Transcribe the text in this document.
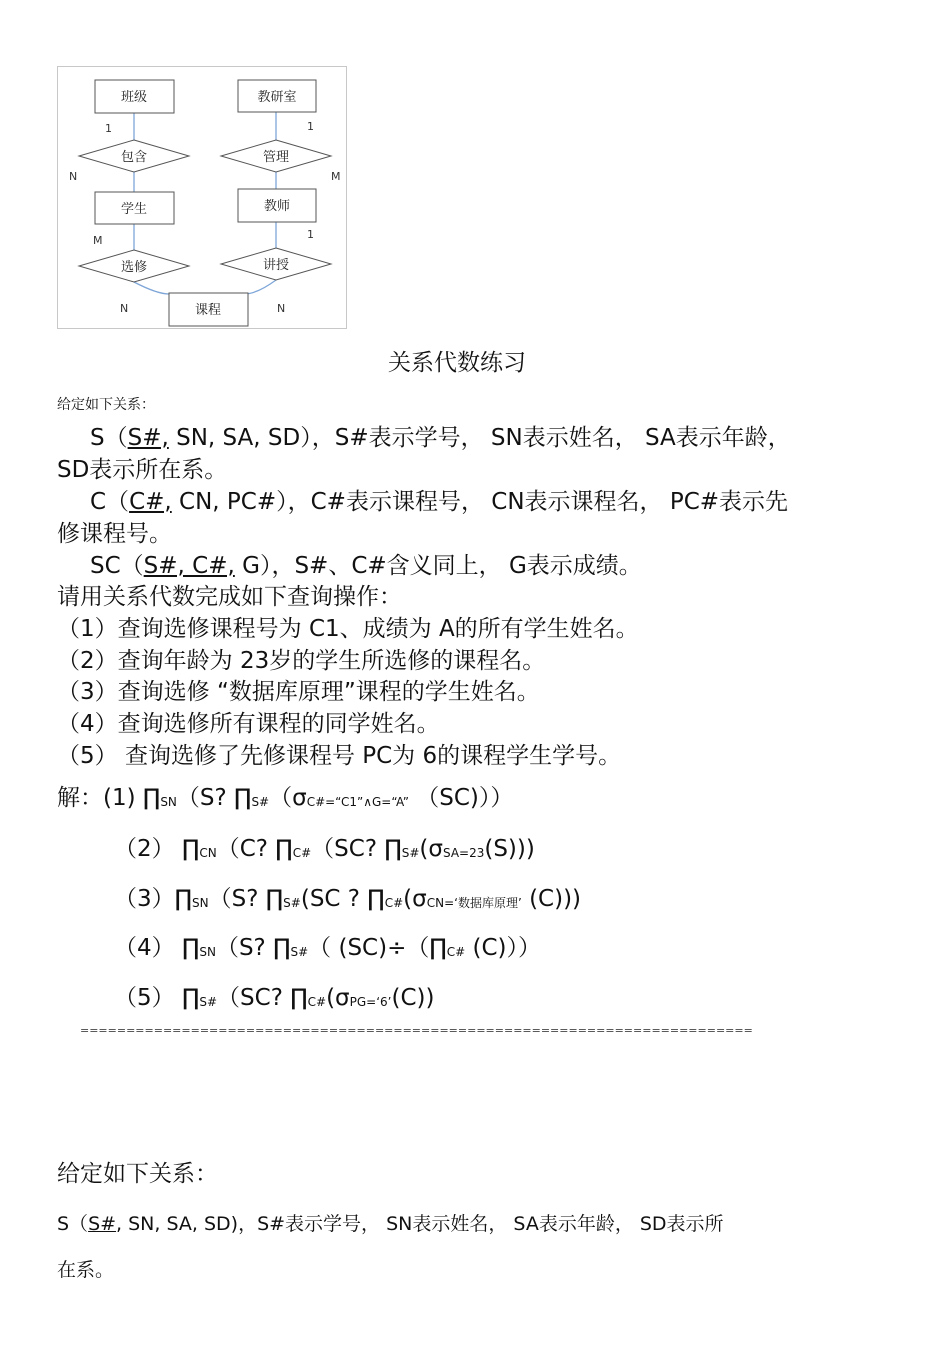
班级	教研室
学生	教师
课程
包含	管理
选修	讲授
1
N
1
M
M
N
1
N
关系代数练习
给定如下关系：
S（S#, SN, SA, SD），S#表示学号， SN表示姓名， SA表示年龄，
SD表示所在系。
C（C#, CN, PC#），C#表示课程号， CN表示课程名， PC#表示先
修课程号。
SC（S#, C#, G），S#、C#含义同上， G表示成绩。
请用关系代数完成如下查询操作：
（1）查询选修课程号为 C1、成绩为 A的所有学生姓名。
（2）查询年龄为 23岁的学生所选修的课程名。
（3）查询选修 “数据库原理”课程的学生姓名。
（4）查询选修所有课程的同学姓名。
（5） 查询选修了先修课程号 PC为 6的课程学生学号。
解：(1) ∏SN（S? ∏S#（σC#=“C1”∧G=“A” （SC)））
（2） ∏CN（C? ∏C#（SC? ∏S#(σSA=23(S)))
（3）∏SN（S? ∏S#(SC ? ∏C#(σCN=‘数据库原理’ (C)))
（4） ∏SN（S? ∏S#（ (SC)÷（∏C# (C)））
（5） ∏S#（SC? ∏C#(σPG=‘6’(C))
=========================================================================
给定如下关系：
S（S#, SN, SA, SD)，S#表示学号， SN表示姓名， SA表示年龄， SD表示所
在系。
